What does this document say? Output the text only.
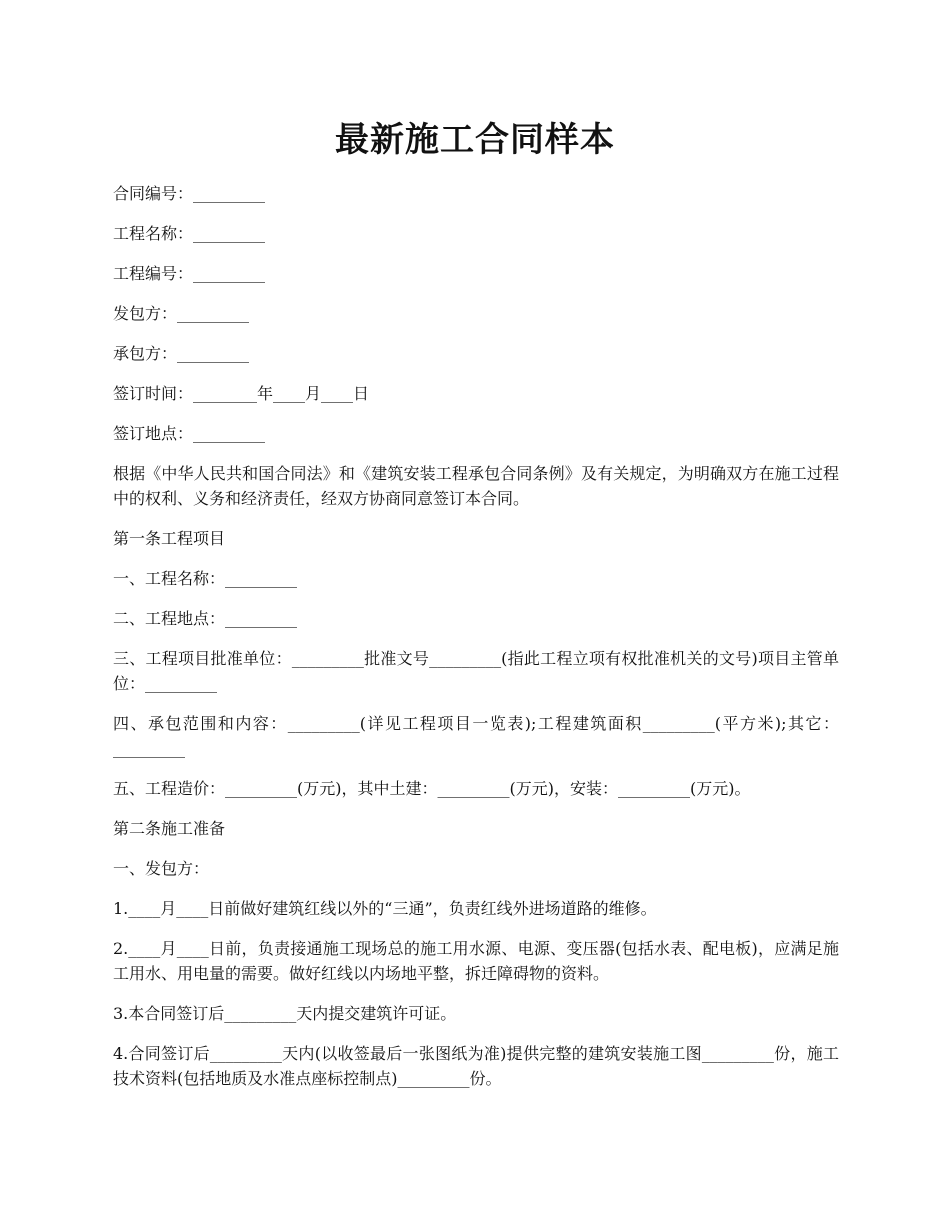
最新施工合同样本

合同编号：_________

工程名称：_________

工程编号：_________

发包方：_________

承包方：_________

签订时间：________年____月____日

签订地点：_________

根据《中华人民共和国合同法》和《建筑安装工程承包合同条例》及有关规定，为明确双方在施工过程中的权利、义务和经济责任，经双方协商同意签订本合同。

第一条工程项目

一、工程名称：_________

二、工程地点：_________

三、工程项目批准单位：_________批准文号_________(指此工程立项有权批准机关的文号)项目主管单位：_________

四、承包范围和内容：_________(详见工程项目一览表);工程建筑面积_________(平方米);其它：_________

五、工程造价：_________(万元)，其中土建：_________(万元)，安装：_________(万元)。

第二条施工准备

一、发包方：

1.____月____日前做好建筑红线以外的“三通”，负责红线外进场道路的维修。

2.____月____日前，负责接通施工现场总的施工用水源、电源、变压器(包括水表、配电板)，应满足施工用水、用电量的需要。做好红线以内场地平整，拆迁障碍物的资料。

3.本合同签订后_________天内提交建筑许可证。

4.合同签订后_________天内(以收签最后一张图纸为准)提供完整的建筑安装施工图_________份，施工技术资料(包括地质及水准点座标控制点)_________份。
